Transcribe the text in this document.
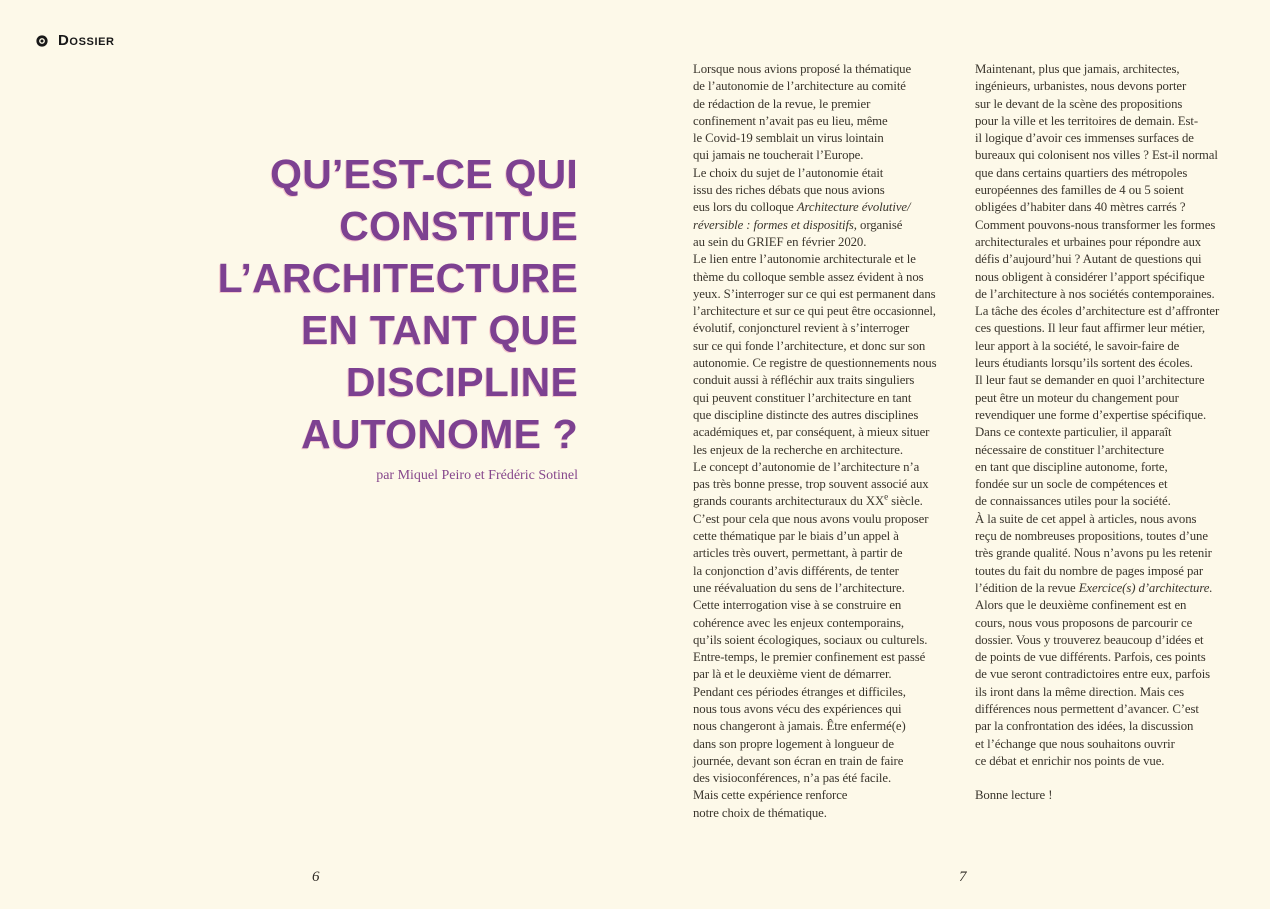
Dossier
QU’EST-CE QUI
CONSTITUE
L’ARCHITECTURE
EN TANT QUE
DISCIPLINE
AUTONOME ?
par Miquel Peiro et Frédéric Sotinel
Lorsque nous avions proposé la thématique
de l’autonomie de l’architecture au comité
de rédaction de la revue, le premier
confinement n’avait pas eu lieu, même
le Covid-19 semblait un virus lointain
qui jamais ne toucherait l’Europe.
Le choix du sujet de l’autonomie était
issu des riches débats que nous avions
eus lors du colloque Architecture évolutive/
réversible : formes et dispositifs, organisé
au sein du GRIEF en février 2020.
Le lien entre l’autonomie architecturale et le
thème du colloque semble assez évident à nos
yeux. S’interroger sur ce qui est permanent dans
l’architecture et sur ce qui peut être occasionnel,
évolutif, conjoncturel revient à s’interroger
sur ce qui fonde l’architecture, et donc sur son
autonomie. Ce registre de questionnements nous
conduit aussi à réfléchir aux traits singuliers
qui peuvent constituer l’architecture en tant
que discipline distincte des autres disciplines
académiques et, par conséquent, à mieux situer
les enjeux de la recherche en architecture.
Le concept d’autonomie de l’architecture n’a
pas très bonne presse, trop souvent associé aux
grands courants architecturaux du XXe siècle.
C’est pour cela que nous avons voulu proposer
cette thématique par le biais d’un appel à
articles très ouvert, permettant, à partir de
la conjonction d’avis différents, de tenter
une réévaluation du sens de l’architecture.
Cette interrogation vise à se construire en
cohérence avec les enjeux contemporains,
qu’ils soient écologiques, sociaux ou culturels.
Entre-temps, le premier confinement est passé
par là et le deuxième vient de démarrer.
Pendant ces périodes étranges et difficiles,
nous tous avons vécu des expériences qui
nous changeront à jamais. Être enfermé(e)
dans son propre logement à longueur de
journée, devant son écran en train de faire
des visioconférences, n’a pas été facile.
Mais cette expérience renforce
notre choix de thématique.
Maintenant, plus que jamais, architectes,
ingénieurs, urbanistes, nous devons porter
sur le devant de la scène des propositions
pour la ville et les territoires de demain. Est-
il logique d’avoir ces immenses surfaces de
bureaux qui colonisent nos villes ? Est-il normal
que dans certains quartiers des métropoles
européennes des familles de 4 ou 5 soient
obligées d’habiter dans 40 mètres carrés ?
Comment pouvons-nous transformer les formes
architecturales et urbaines pour répondre aux
défis d’aujourd’hui ? Autant de questions qui
nous obligent à considérer l’apport spécifique
de l’architecture à nos sociétés contemporaines.
La tâche des écoles d’architecture est d’affronter
ces questions. Il leur faut affirmer leur métier,
leur apport à la société, le savoir-faire de
leurs étudiants lorsqu’ils sortent des écoles.
Il leur faut se demander en quoi l’architecture
peut être un moteur du changement pour
revendiquer une forme d’expertise spécifique.
Dans ce contexte particulier, il apparaît
nécessaire de constituer l’architecture
en tant que discipline autonome, forte,
fondée sur un socle de compétences et
de connaissances utiles pour la société.
À la suite de cet appel à articles, nous avons
reçu de nombreuses propositions, toutes d’une
très grande qualité. Nous n’avons pu les retenir
toutes du fait du nombre de pages imposé par
l’édition de la revue Exercice(s) d’architecture.
Alors que le deuxième confinement est en
cours, nous vous proposons de parcourir ce
dossier. Vous y trouverez beaucoup d’idées et
de points de vue différents. Parfois, ces points
de vue seront contradictoires entre eux, parfois
ils iront dans la même direction. Mais ces
différences nous permettent d’avancer. C’est
par la confrontation des idées, la discussion
et l’échange que nous souhaitons ouvrir
ce débat et enrichir nos points de vue.

Bonne lecture !
6	7
